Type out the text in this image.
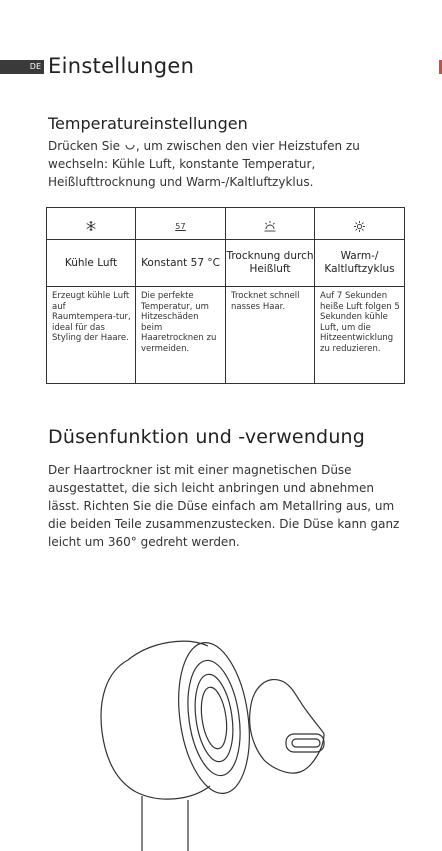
DE Einstellungen
Temperatureinstellungen

Drücken Sie , um zwischen den vier Heizstufen zu wechseln: Kühle Luft, konstante Temperatur, Heißlufttrocknung und Warm-/Kaltluftzyklus.

	57		
Kühle Luft	Konstant 57 °C	Trocknung durch Heißluft	Warm-/ Kaltluftzyklus
Erzeugt kühle Luft auf Raumtempera-tur, ideal für das Styling der Haare.	Die perfekte Temperatur, um Hitzeschäden beim Haaretrocknen zu vermeiden.	Trocknet schnell nasses Haar.	Auf 7 Sekunden heiße Luft folgen 5 Sekunden kühle Luft, um die Hitzeentwicklung zu reduzieren.
Düsenfunktion und -verwendung

Der Haartrockner ist mit einer magnetischen Düse ausgestattet, die sich leicht anbringen und abnehmen lässt. Richten Sie die Düse einfach am Metallring aus, um die beiden Teile zusammenzustecken. Die Düse kann ganz leicht um 360° gedreht werden.
